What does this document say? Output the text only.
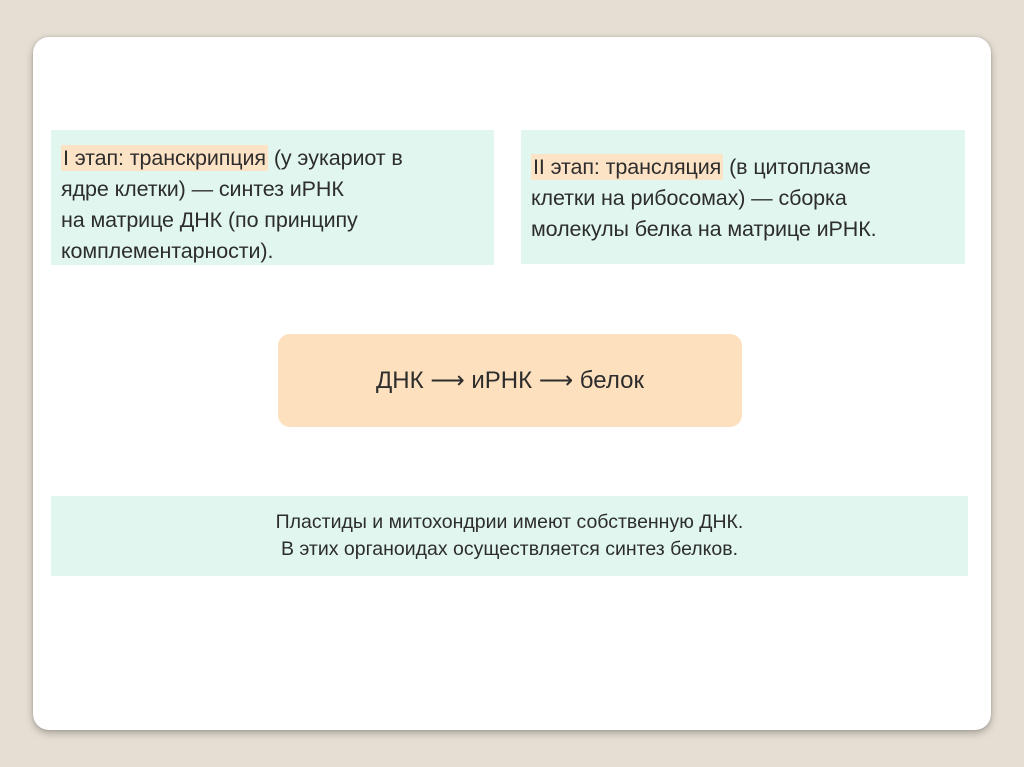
I этап: транскрипция (у эукариот в
ядре клетки) — синтез иРНК
на матрице ДНК (по принципу
комплементарности).

II этап: трансляция (в цитоплазме
клетки на рибосомах) — сборка
молекулы белка на матрице иРНК.

ДНК ⟶ иРНК ⟶ белок
Пластиды и митохондрии имеют собственную ДНК.
В этих органоидах осуществляется синтез белков.
